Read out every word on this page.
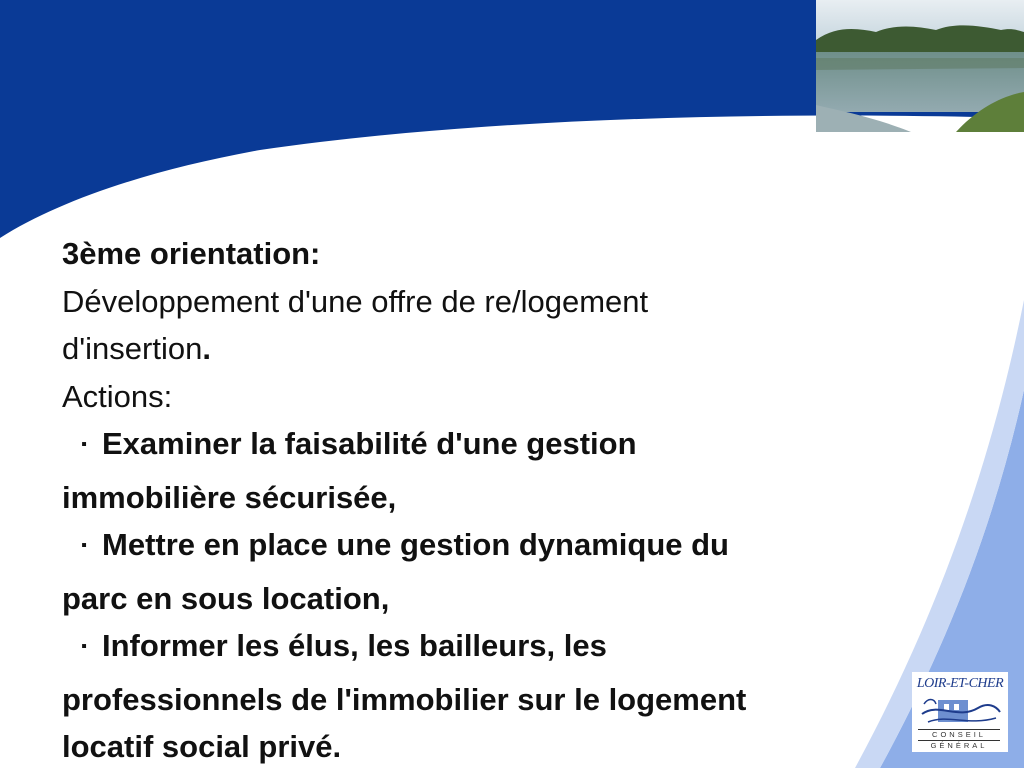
3ème orientation:
Développement d'une offre de re/logement
d'insertion.
Actions:
▪ Examiner la faisabilité d'une gestion
immobilière sécurisée,
▪ Mettre en place une gestion dynamique du
parc en sous location,
▪ Informer les élus, les bailleurs, les
professionnels de l'immobilier sur le logement
locatif social privé.
LOIR-ET-CHER
CONSEIL
GÉNÉRAL
